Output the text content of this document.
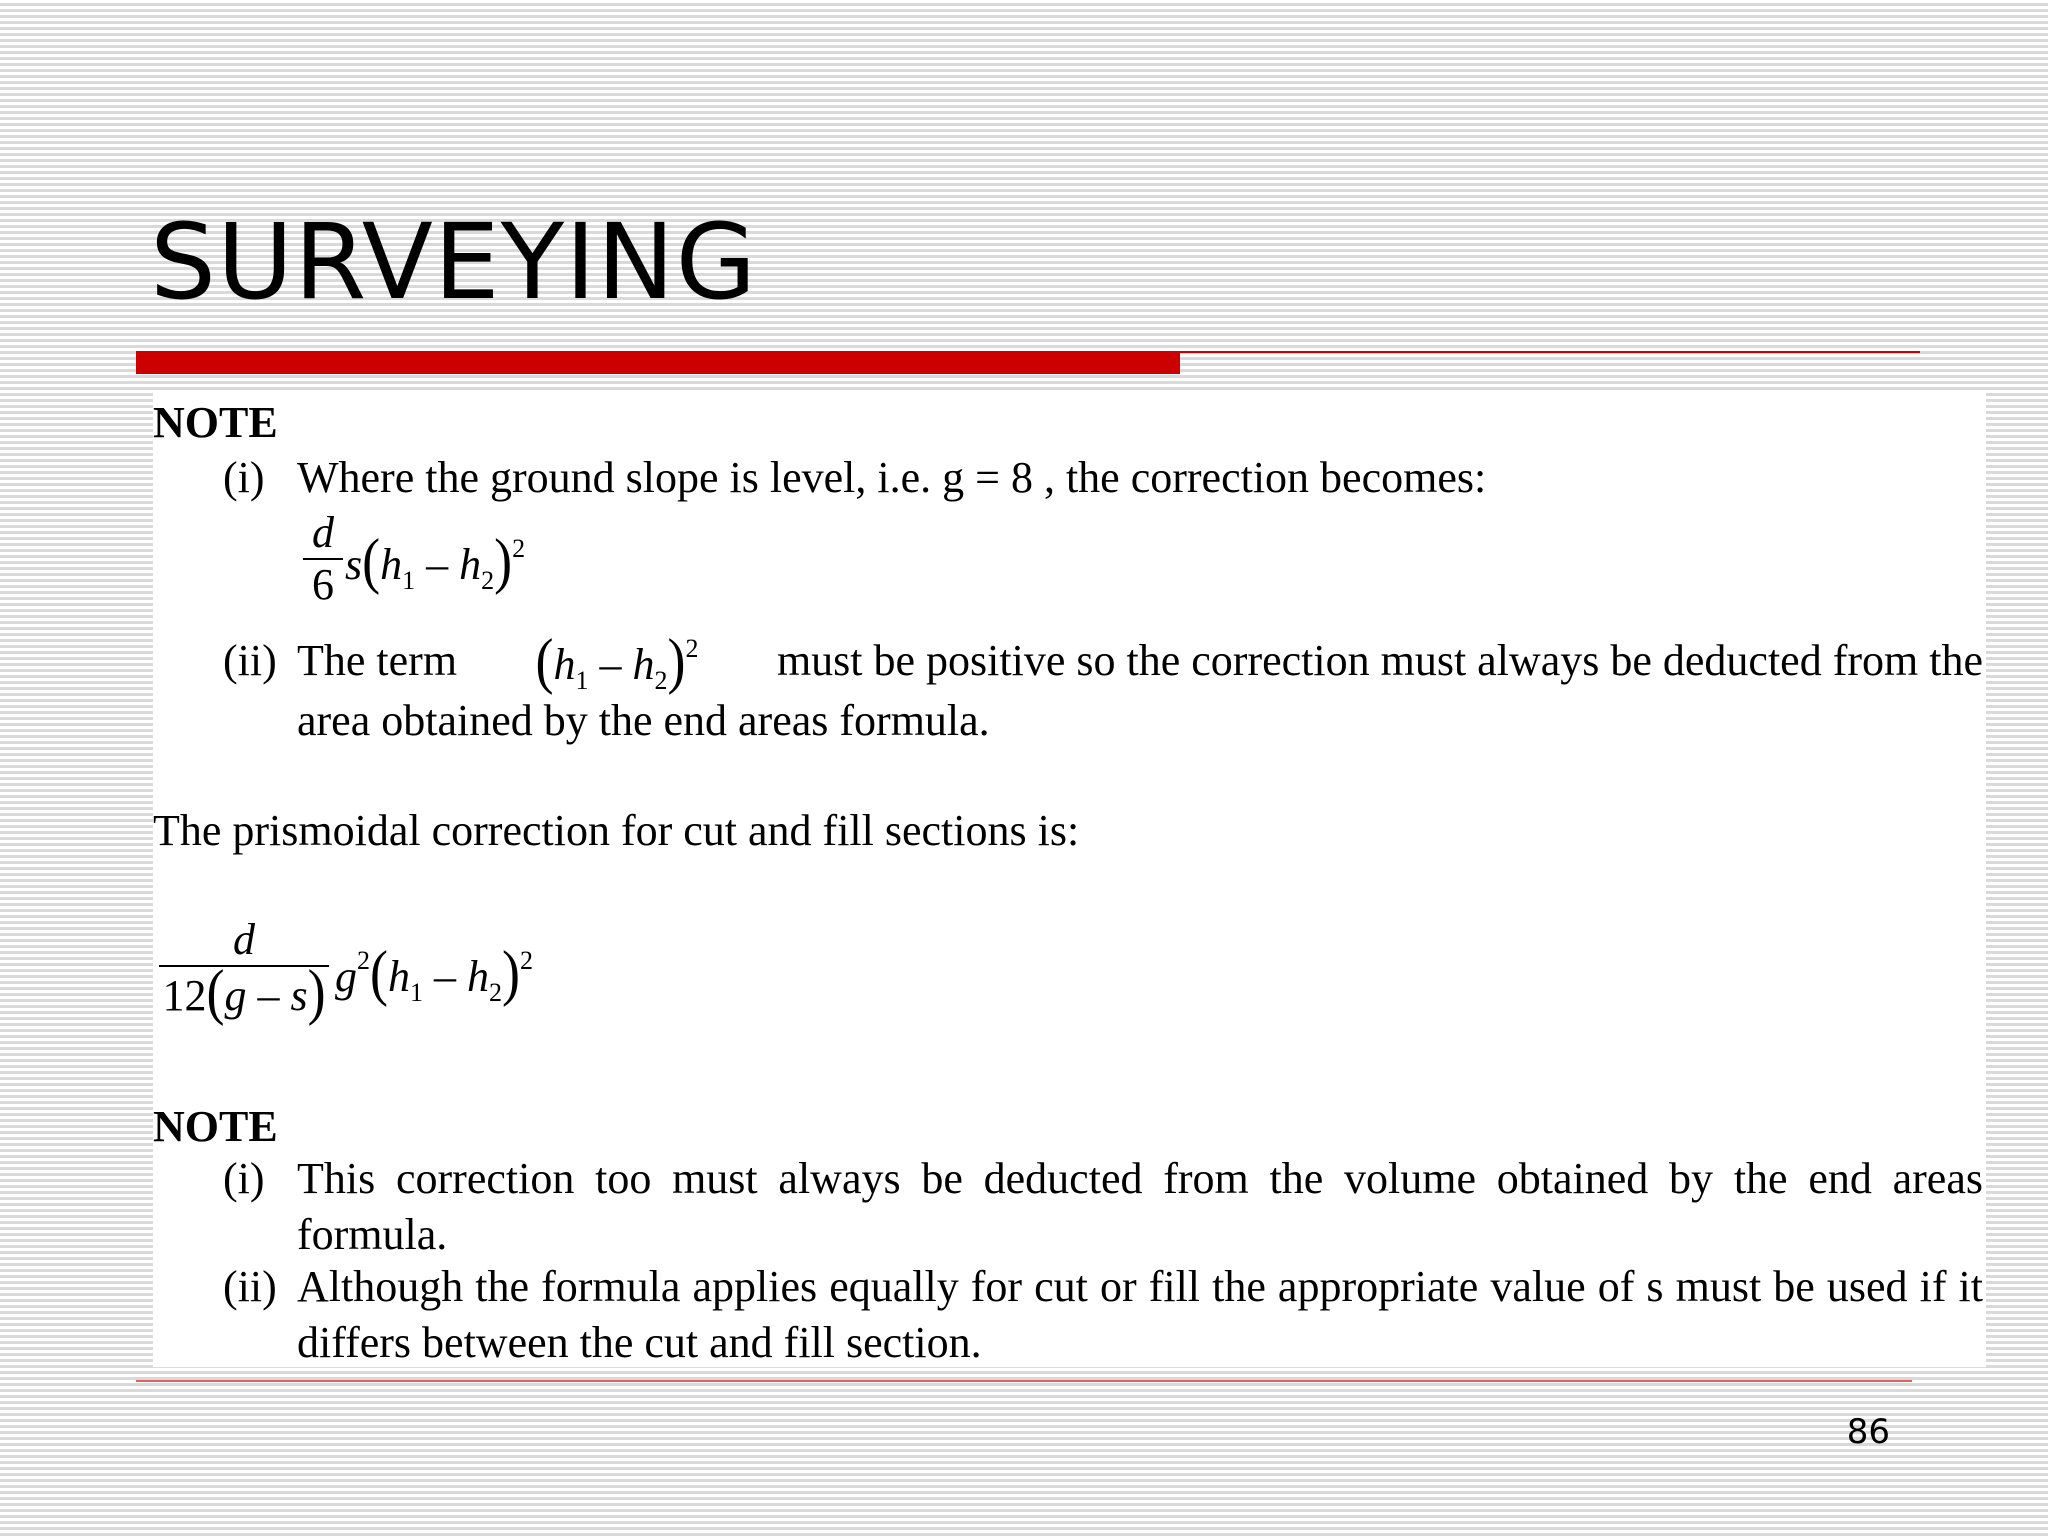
SURVEYING
NOTE
(i) Where the ground slope is level, i.e. g = 8 , the correction becomes:
d
6 $s(h_1 - h_2)^2$
(ii) The term $(h_1 - h_2)^2$ must be positive so the correction must always be deducted from the
area obtained by the end areas formula.
The prismoidal correction for cut and fill sections is:
d
12(g – s) $g^2(h_1 - h_2)^2$
NOTE
(i) This correction too must always be deducted from the volume obtained by the end areas formula.
(ii) Although the formula applies equally for cut or fill the appropriate value of s must be used if it differs between the cut and fill section.
86
